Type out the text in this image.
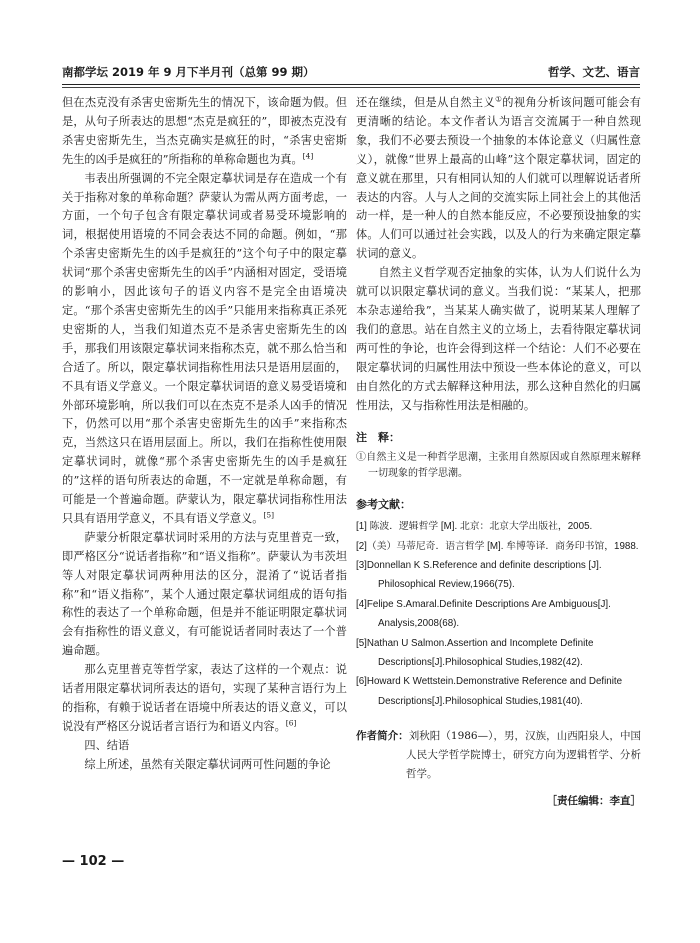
南都学坛 2019 年 9 月下半月刊（总第 99 期）	哲学、文艺、语言

但在杰克没有杀害史密斯先生的情况下，该命题为假。但是，从句子所表达的思想“杰克是疯狂的”，即被杰克没有杀害史密斯先生，当杰克确实是疯狂的时，“杀害史密斯先生的凶手是疯狂的”所指称的单称命题也为真。[4]

韦表出所强调的不完全限定摹状词是存在造成一个有关于指称对象的单称命题？萨蒙认为需从两方面考虑，一方面，一个句子包含有限定摹状词或者易受环境影响的词，根据使用语境的不同会表达不同的命题。例如，“那个杀害史密斯先生的凶手是疯狂的”这个句子中的限定摹状词“那个杀害史密斯先生的凶手”内涵相对固定，受语境的影响小，因此该句子的语义内容不是完全由语境决定。“那个杀害史密斯先生的凶手”只能用来指称真正杀死史密斯的人，当我们知道杰克不是杀害史密斯先生的凶手，那我们用该限定摹状词来指称杰克，就不那么恰当和合适了。所以，限定摹状词指称性用法只是语用层面的，不具有语义学意义。一个限定摹状词语的意义易受语境和外部环境影响，所以我们可以在杰克不是杀人凶手的情况下，仍然可以用“那个杀害史密斯先生的凶手”来指称杰克，当然这只在语用层面上。所以，我们在指称性使用限定摹状词时，就像“那个杀害史密斯先生的凶手是疯狂的”这样的语句所表达的命题，不一定就是单称命题，有可能是一个普遍命题。萨蒙认为，限定摹状词指称性用法只具有语用学意义，不具有语义学意义。[5]

萨蒙分析限定摹状词时采用的方法与克里普克一致，即严格区分“说话者指称”和“语义指称”。萨蒙认为韦茨坦等人对限定摹状词两种用法的区分，混淆了“说话者指称”和“语义指称”，某个人通过限定摹状词组成的语句指称性的表达了一个单称命题，但是并不能证明限定摹状词会有指称性的语义意义，有可能说话者同时表达了一个普遍命题。

那么克里普克等哲学家，表达了这样的一个观点：说话者用限定摹状词所表达的语句，实现了某种言语行为上的指称，有赖于说话者在语境中所表达的语义意义，可以说没有严格区分说话者言语行为和语义内容。[6]

四、结语

综上所述，虽然有关限定摹状词两可性问题的争论

还在继续，但是从自然主义①的视角分析该问题可能会有更清晰的结论。本文作者认为语言交流属于一种自然现象，我们不必要去预设一个抽象的本体论意义（归属性意义），就像“世界上最高的山峰”这个限定摹状词，固定的意义就在那里，只有相同认知的人们就可以理解说话者所表达的内容。人与人之间的交流实际上同社会上的其他活动一样，是一种人的自然本能反应，不必要预设抽象的实体。人们可以通过社会实践，以及人的行为来确定限定摹状词的意义。

自然主义哲学观否定抽象的实体，认为人们说什么为就可以识限定摹状词的意义。当我们说：“某某人，把那本杂志递给我”，当某某人确实做了，说明某某人理解了我们的意思。站在自然主义的立场上，去看待限定摹状词两可性的争论，也许会得到这样一个结论：人们不必要在限定摹状词的归属性用法中预设一些本体论的意义，可以由自然化的方式去解释这种用法，那么这种自然化的归属性用法，又与指称性用法是相融的。

注　释：
①自然主义是一种哲学思潮，主张用自然原因或自然原理来解释一切现象的哲学思潮。
参考文献：
[1] 陈波．逻辑哲学 [M]. 北京：北京大学出版社，2005.
[2]（美）马蒂尼奇．语言哲学 [M]. 牟博等译．商务印书馆，1988.
[3]Donnellan K S.Reference and definite descriptions [J]. Philosophical Review,1966(75).
[4]Felipe S.Amaral.Definite Descriptions Are Ambiguous[J]. Analysis,2008(68).
[5]Nathan U Salmon.Assertion and Incomplete Definite Descriptions[J].Philosophical Studies,1982(42).
[6]Howard K Wettstein.Demonstrative Reference and Definite Descriptions[J].Philosophical Studies,1981(40).
作者简介：刘秋阳（1986—），男，汉族，山西阳泉人，中国人民大学哲学院博士，研究方向为逻辑哲学、分析哲学。
［责任编辑：李直］
— 102 —
